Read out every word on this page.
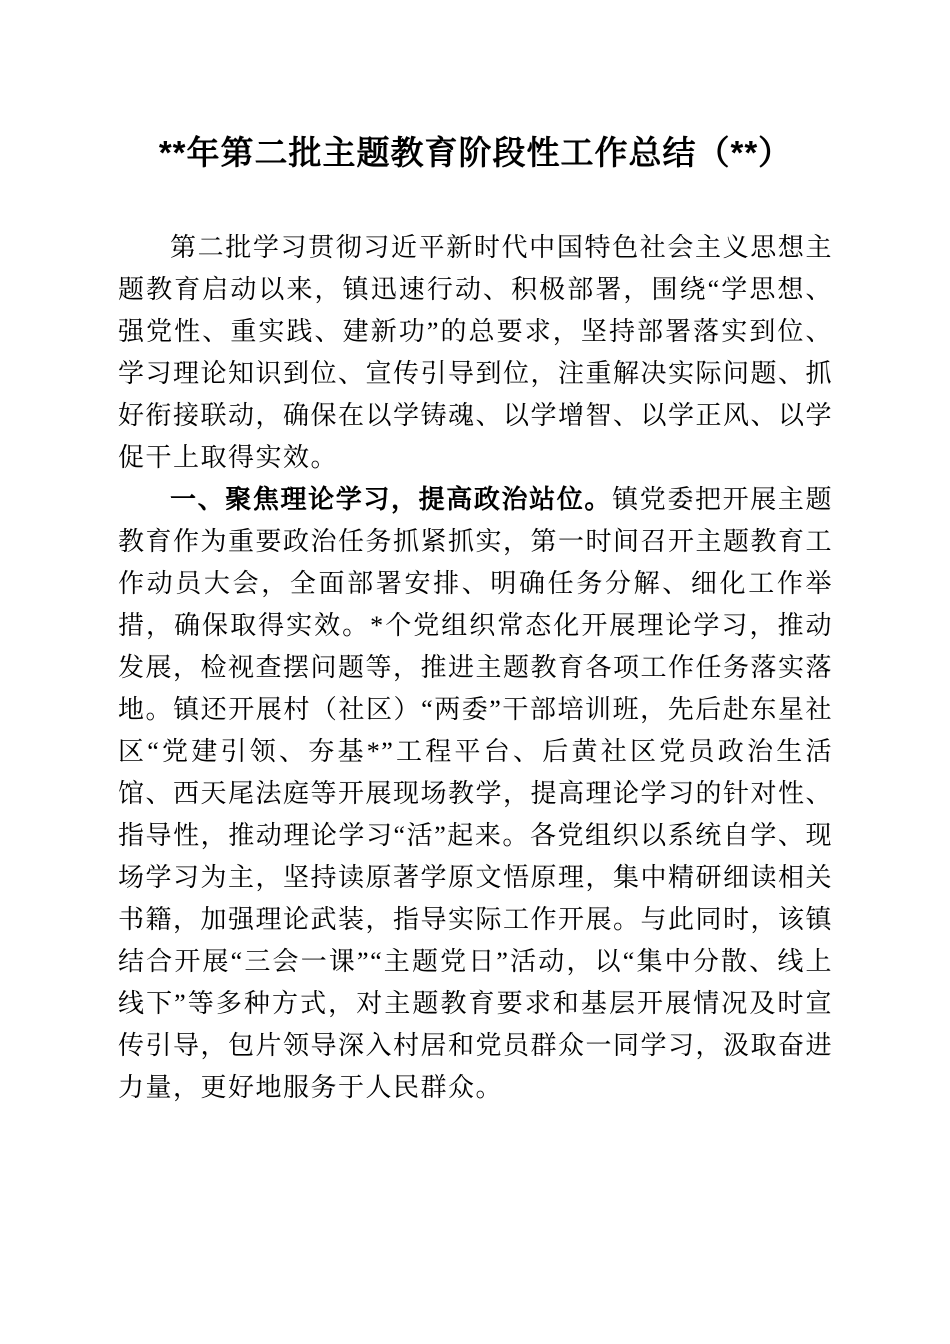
**年第二批主题教育阶段性工作总结（**）

第二批学习贯彻习近平新时代中国特色社会主义思想主题教育启动以来，镇迅速行动、积极部署，围绕“学思想、强党性、重实践、建新功”的总要求，坚持部署落实到位、学习理论知识到位、宣传引导到位，注重解决实际问题、抓好衔接联动，确保在以学铸魂、以学增智、以学正风、以学促干上取得实效。

一、聚焦理论学习，提高政治站位。镇党委把开展主题教育作为重要政治任务抓紧抓实，第一时间召开主题教育工作动员大会，全面部署安排、明确任务分解、细化工作举措，确保取得实效。*个党组织常态化开展理论学习，推动发展，检视查摆问题等，推进主题教育各项工作任务落实落地。镇还开展村（社区）“两委”干部培训班，先后赴东星社区“党建引领、夯基*”工程平台、后黄社区党员政治生活馆、西天尾法庭等开展现场教学，提高理论学习的针对性、指导性，推动理论学习“活”起来。各党组织以系统自学、现场学习为主，坚持读原著学原文悟原理，集中精研细读相关书籍，加强理论武装，指导实际工作开展。与此同时，该镇结合开展“三会一课”“主题党日”活动，以“集中分散、线上线下”等多种方式，对主题教育要求和基层开展情况及时宣传引导，包片领导深入村居和党员群众一同学习，汲取奋进力量，更好地服务于人民群众。
